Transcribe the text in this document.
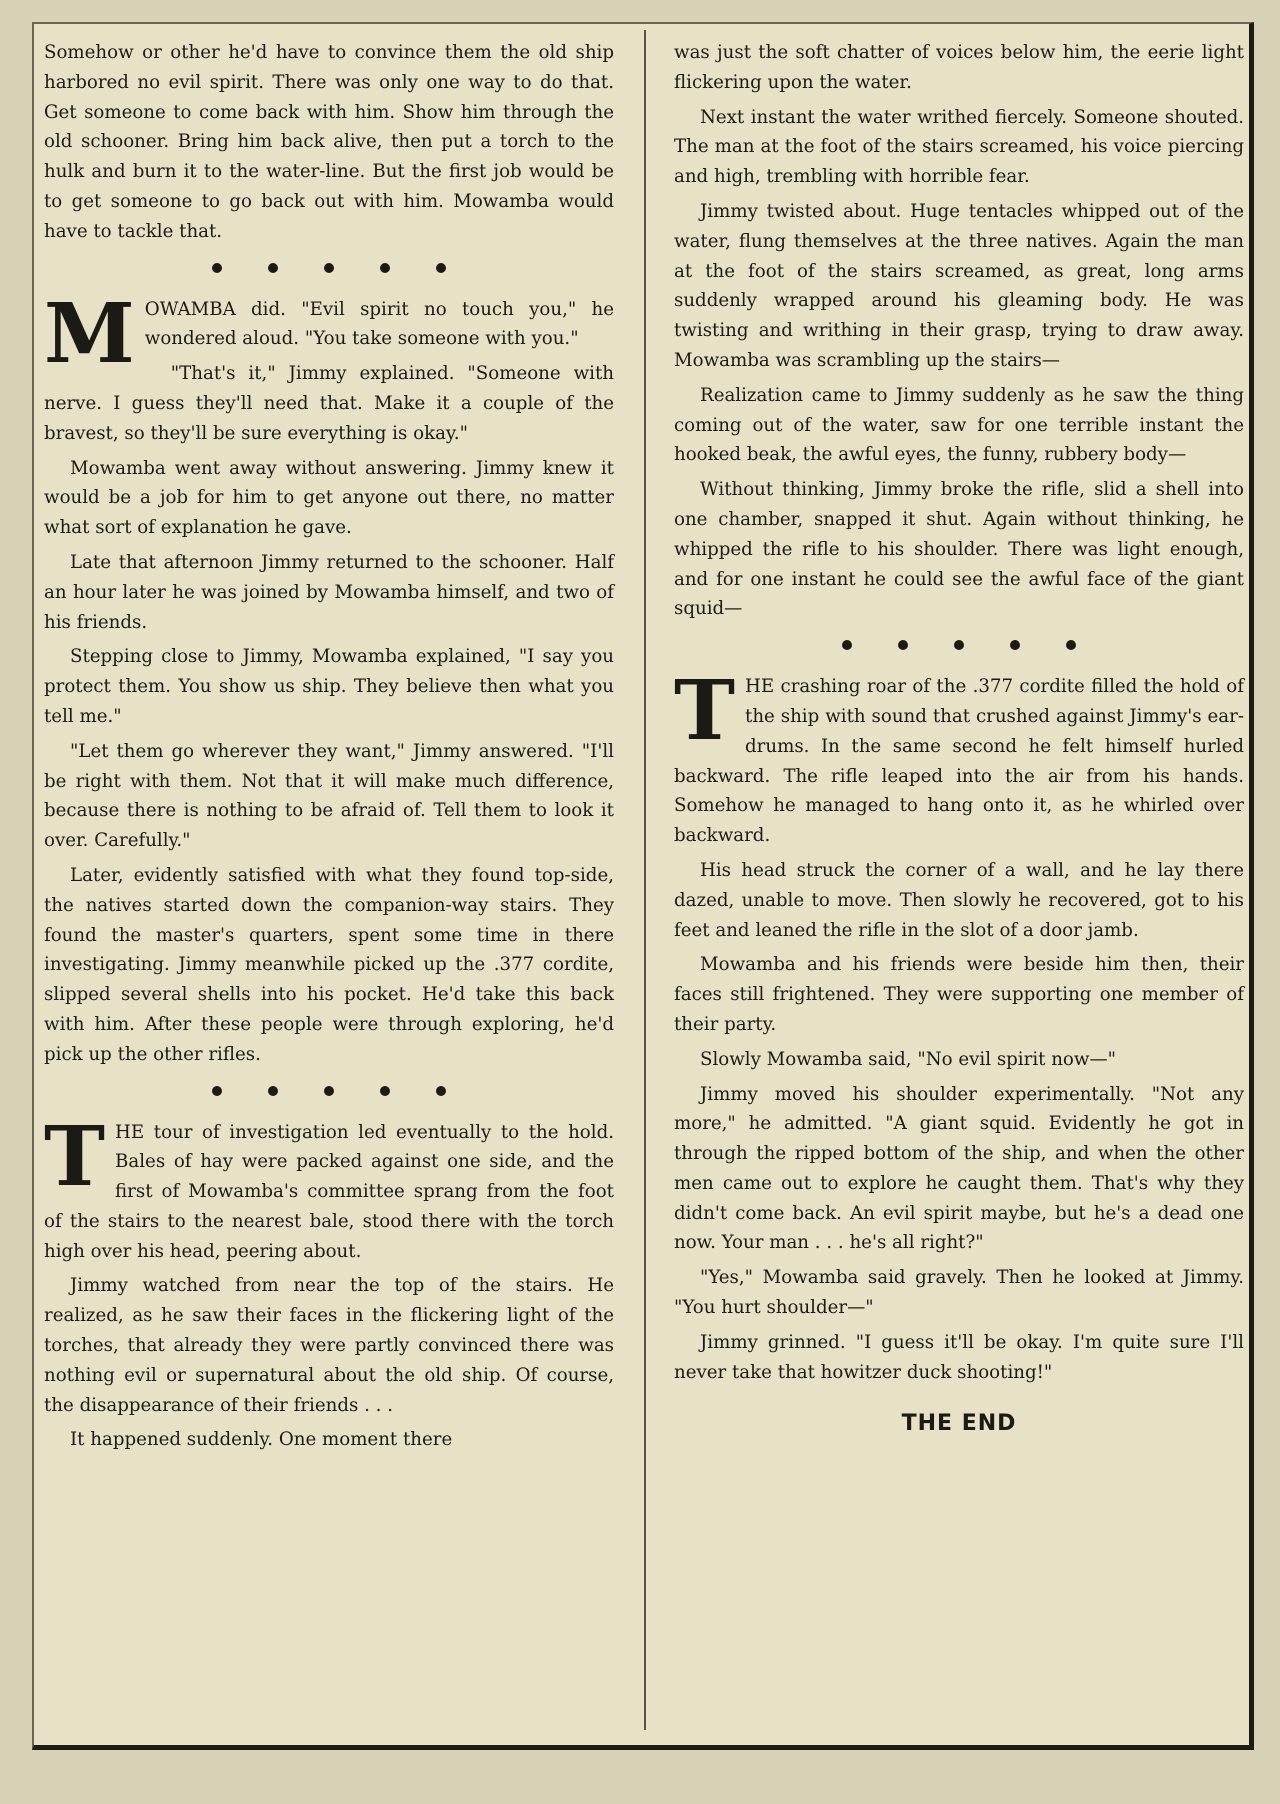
Somehow or other he'd have to convince them the old ship harbored no evil spirit. There was only one way to do that. Get someone to come back with him. Show him through the old schooner. Bring him back alive, then put a torch to the hulk and burn it to the water-line. But the first job would be to get someone to go back out with him. Mowamba would have to tackle that.

MOWAMBA did. "Evil spirit no touch you," he wondered aloud. "You take someone with you."

"That's it," Jimmy explained. "Someone with nerve. I guess they'll need that. Make it a couple of the bravest, so they'll be sure everything is okay."

Mowamba went away without answering. Jimmy knew it would be a job for him to get anyone out there, no matter what sort of explanation he gave.

Late that afternoon Jimmy returned to the schooner. Half an hour later he was joined by Mowamba himself, and two of his friends.

Stepping close to Jimmy, Mowamba explained, "I say you protect them. You show us ship. They believe then what you tell me."

"Let them go wherever they want," Jimmy answered. "I'll be right with them. Not that it will make much difference, because there is nothing to be afraid of. Tell them to look it over. Carefully."

Later, evidently satisfied with what they found top-side, the natives started down the companion-way stairs. They found the master's quarters, spent some time in there investigating. Jimmy meanwhile picked up the .377 cordite, slipped several shells into his pocket. He'd take this back with him. After these people were through exploring, he'd pick up the other rifles.

THE tour of investigation led eventually to the hold. Bales of hay were packed against one side, and the first of Mowamba's committee sprang from the foot of the stairs to the nearest bale, stood there with the torch high over his head, peering about.

Jimmy watched from near the top of the stairs. He realized, as he saw their faces in the flickering light of the torches, that already they were partly convinced there was nothing evil or supernatural about the old ship. Of course, the disappearance of their friends . . .

It happened suddenly. One moment there

was just the soft chatter of voices below him, the eerie light flickering upon the water.

Next instant the water writhed fiercely. Someone shouted. The man at the foot of the stairs screamed, his voice piercing and high, trembling with horrible fear.

Jimmy twisted about. Huge tentacles whipped out of the water, flung themselves at the three natives. Again the man at the foot of the stairs screamed, as great, long arms suddenly wrapped around his gleaming body. He was twisting and writhing in their grasp, trying to draw away. Mowamba was scrambling up the stairs—

Realization came to Jimmy suddenly as he saw the thing coming out of the water, saw for one terrible instant the hooked beak, the awful eyes, the funny, rubbery body—

Without thinking, Jimmy broke the rifle, slid a shell into one chamber, snapped it shut. Again without thinking, he whipped the rifle to his shoulder. There was light enough, and for one instant he could see the awful face of the giant squid—

THE crashing roar of the .377 cordite filled the hold of the ship with sound that crushed against Jimmy's ear-drums. In the same second he felt himself hurled backward. The rifle leaped into the air from his hands. Somehow he managed to hang onto it, as he whirled over backward.

His head struck the corner of a wall, and he lay there dazed, unable to move. Then slowly he recovered, got to his feet and leaned the rifle in the slot of a door jamb.

Mowamba and his friends were beside him then, their faces still frightened. They were supporting one member of their party.

Slowly Mowamba said, "No evil spirit now—"

Jimmy moved his shoulder experimentally. "Not any more," he admitted. "A giant squid. Evidently he got in through the ripped bottom of the ship, and when the other men came out to explore he caught them. That's why they didn't come back. An evil spirit maybe, but he's a dead one now. Your man . . . he's all right?"

"Yes," Mowamba said gravely. Then he looked at Jimmy. "You hurt shoulder—"

Jimmy grinned. "I guess it'll be okay. I'm quite sure I'll never take that howitzer duck shooting!"

THE END
